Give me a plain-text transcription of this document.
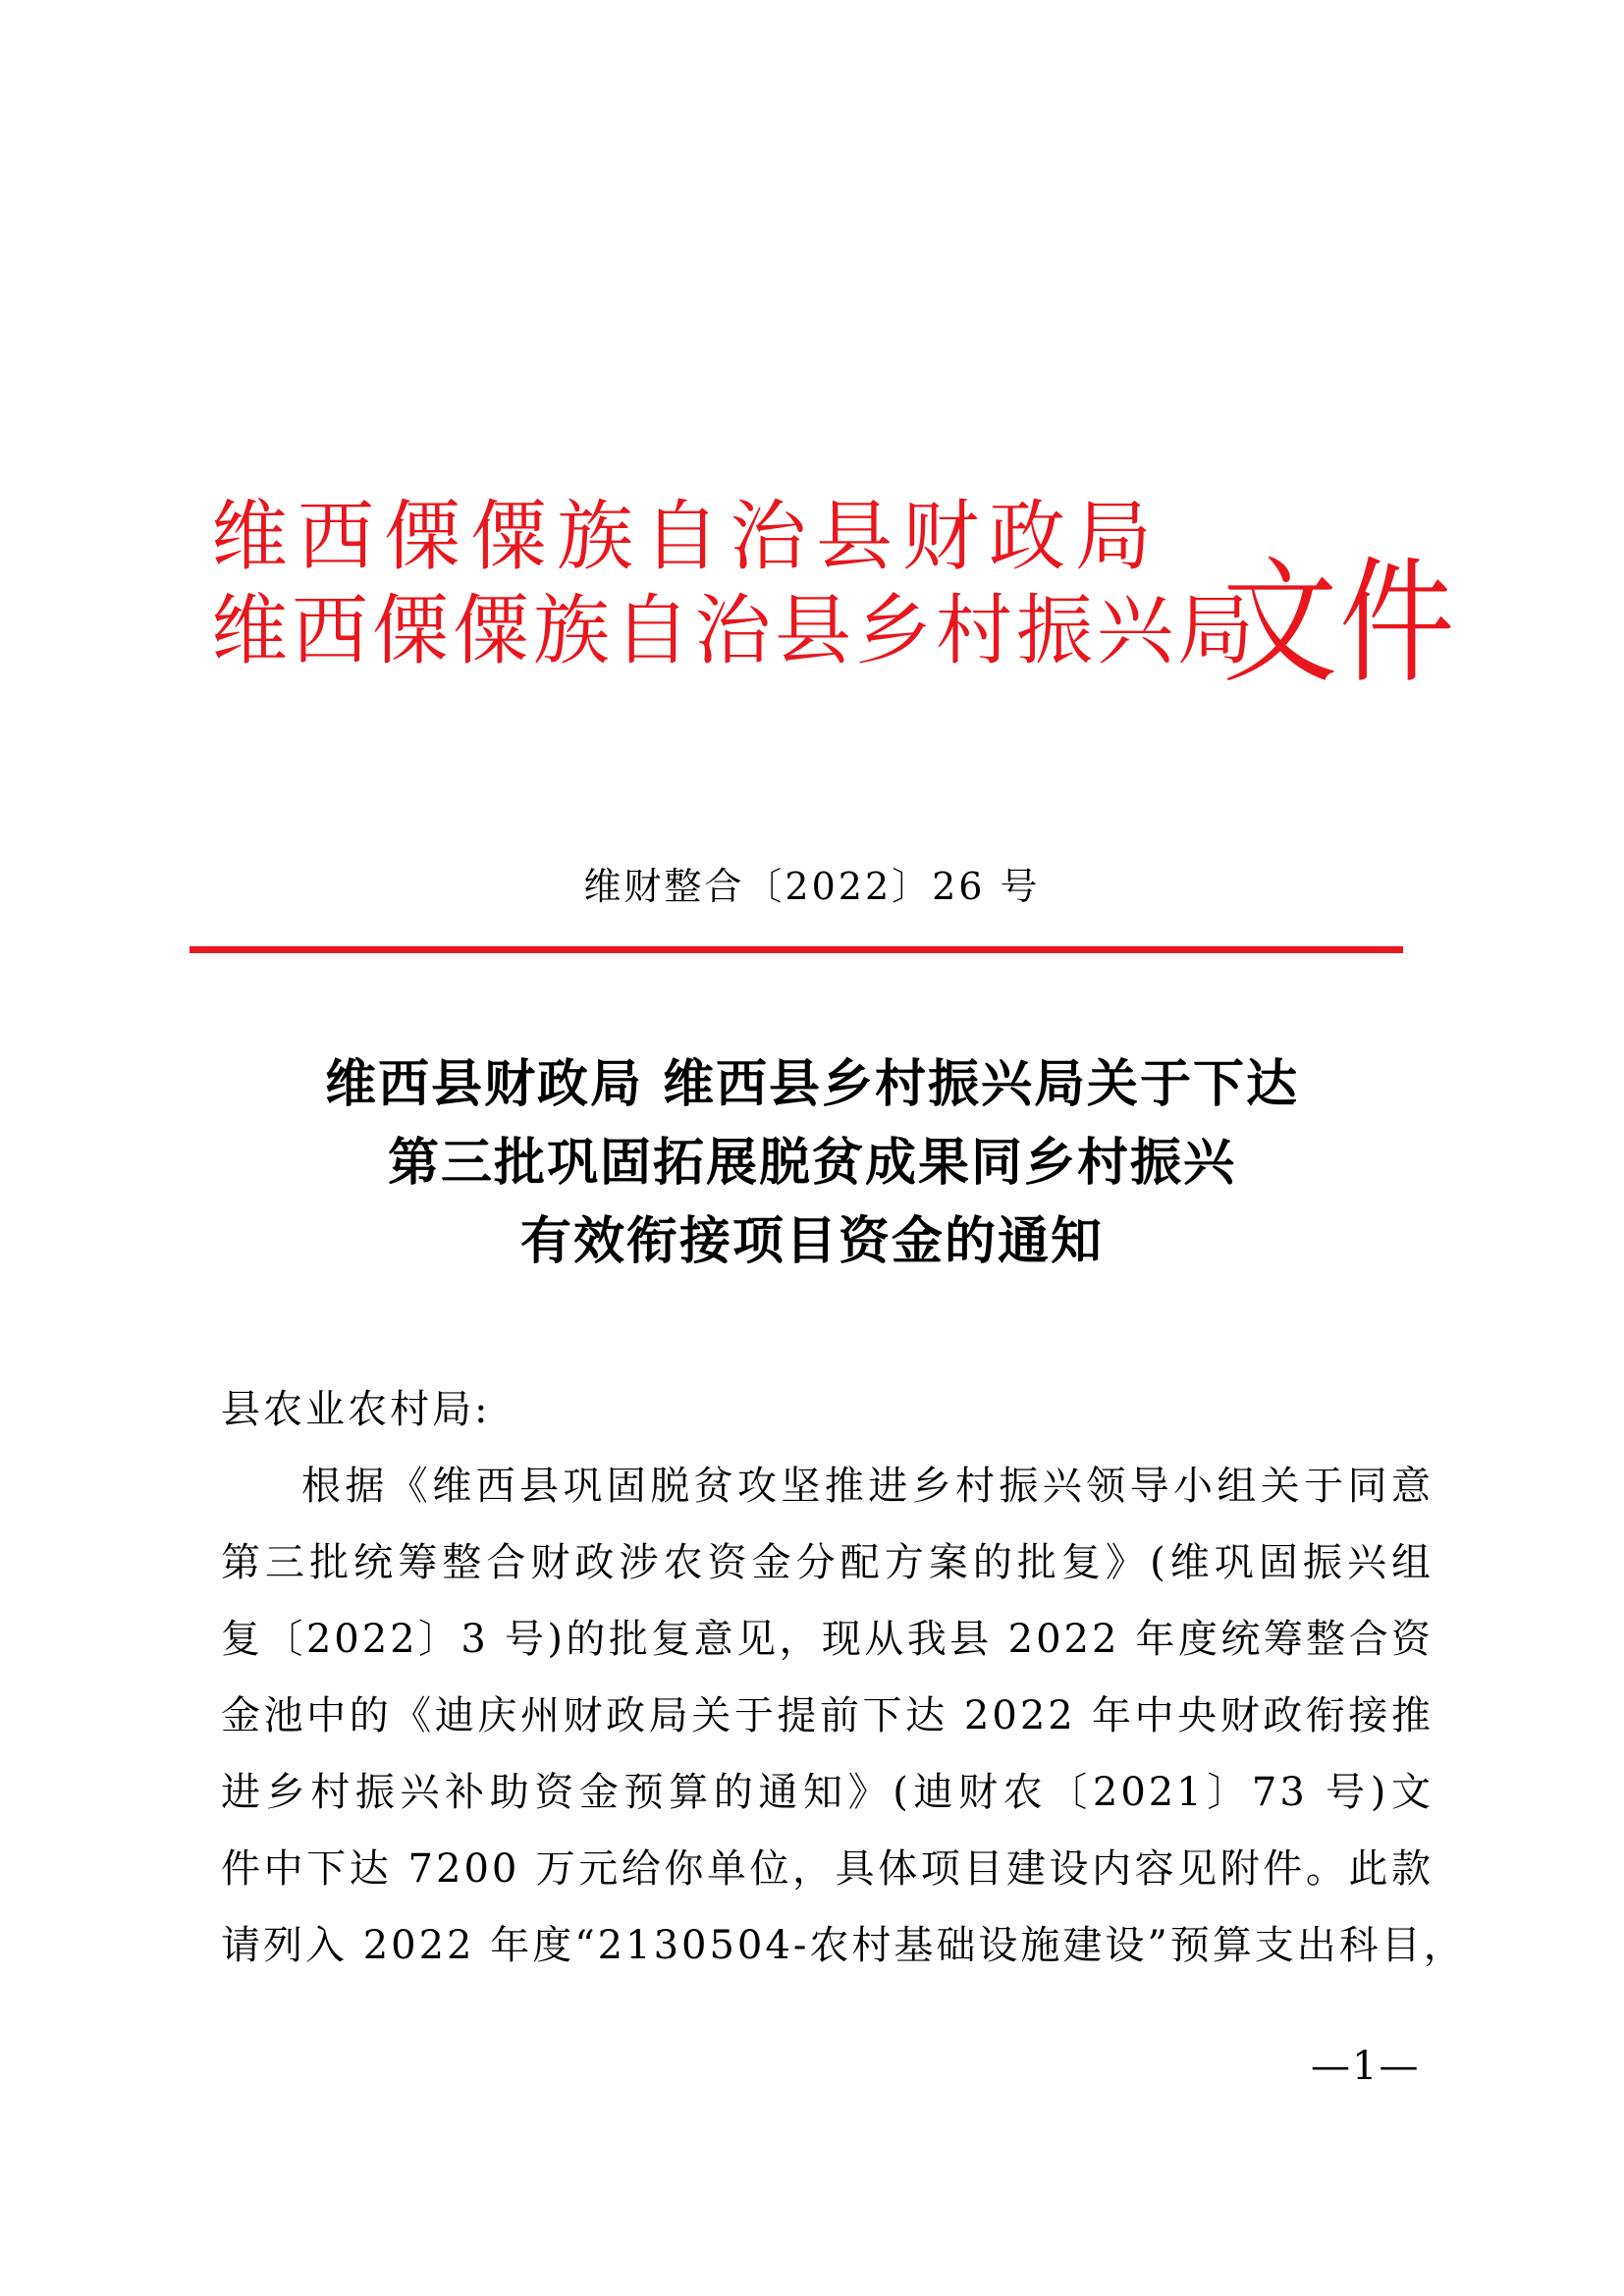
维西傈僳族自治县财政局
维西傈僳族自治县乡村振兴局
文件
维财整合〔2022〕26 号
维西县财政局 维西县乡村振兴局关于下达
第三批巩固拓展脱贫成果同乡村振兴
有效衔接项目资金的通知
县农业农村局:
根据《维西县巩固脱贫攻坚推进乡村振兴领导小组关于同意
第三批统筹整合财政涉农资金分配方案的批复》(维巩固振兴组
复〔2022〕3 号)的批复意见，现从我县 2022 年度统筹整合资
金池中的《迪庆州财政局关于提前下达 2022 年中央财政衔接推
进乡村振兴补助资金预算的通知》(迪财农〔2021〕73 号)文
件中下达 7200 万元给你单位，具体项目建设内容见附件。此款
请列入 2022 年度“2130504-农村基础设施建设”预算支出科目，
—1—
